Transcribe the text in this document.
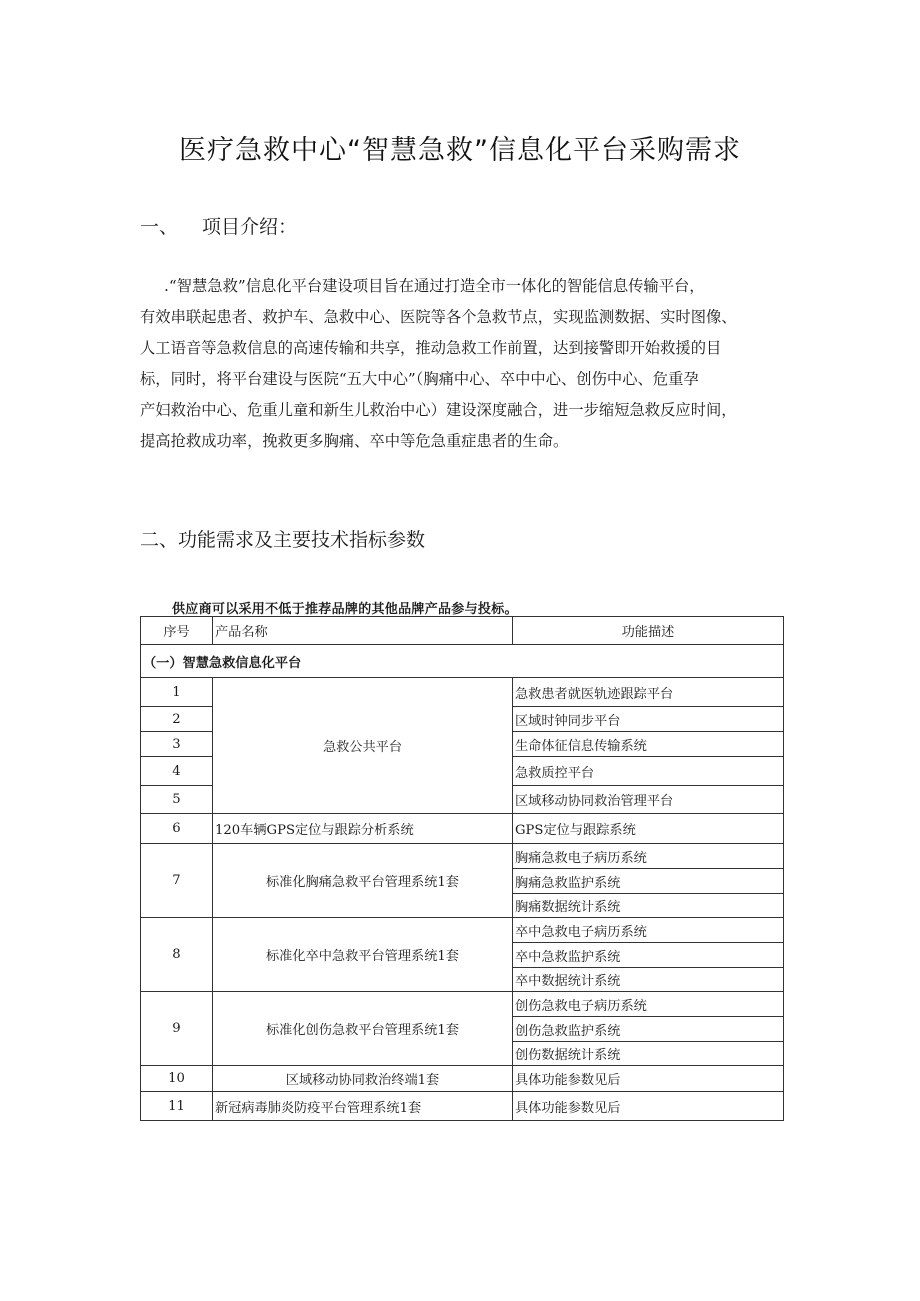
医疗急救中心“智慧急救”信息化平台采购需求
一、 项目介绍：

.“智慧急救”信息化平台建设项目旨在通过打造全市一体化的智能信息传输平台，

有效串联起患者、救护车、急救中心、医院等各个急救节点，实现监测数据、实时图像、

人工语音等急救信息的高速传输和共享，推动急救工作前置，达到接警即开始救援的目

标，同时，将平台建设与医院“五大中心”（胸痛中心、卒中中心、创伤中心、危重孕

产妇救治中心、危重儿童和新生儿救治中心）建设深度融合，进一步缩短急救反应时间，

提高抢救成功率，挽救更多胸痛、卒中等危急重症患者的生命。

二、功能需求及主要技术指标参数
供应商可以采用不低于推荐品牌的其他品牌产品参与投标。
序号	产品名称	功能描述
（一）智慧急救信息化平台		
1	急救公共平台	急救患者就医轨迹跟踪平台
2		区域时钟同步平台
3		生命体征信息传输系统
4		急救质控平台
5		区域移动协同救治管理平台
6	120车辆GPS定位与跟踪分析系统	GPS定位与跟踪系统
7	标准化胸痛急救平台管理系统1套	胸痛急救电子病历系统
		胸痛急救监护系统
		胸痛数据统计系统
8	标准化卒中急救平台管理系统1套	卒中急救电子病历系统
		卒中急救监护系统
		卒中数据统计系统
9	标准化创伤急救平台管理系统1套	创伤急救电子病历系统
		创伤急救监护系统
		创伤数据统计系统
10	区域移动协同救治终端1套	具体功能参数见后
11	新冠病毒肺炎防疫平台管理系统1套	具体功能参数见后
